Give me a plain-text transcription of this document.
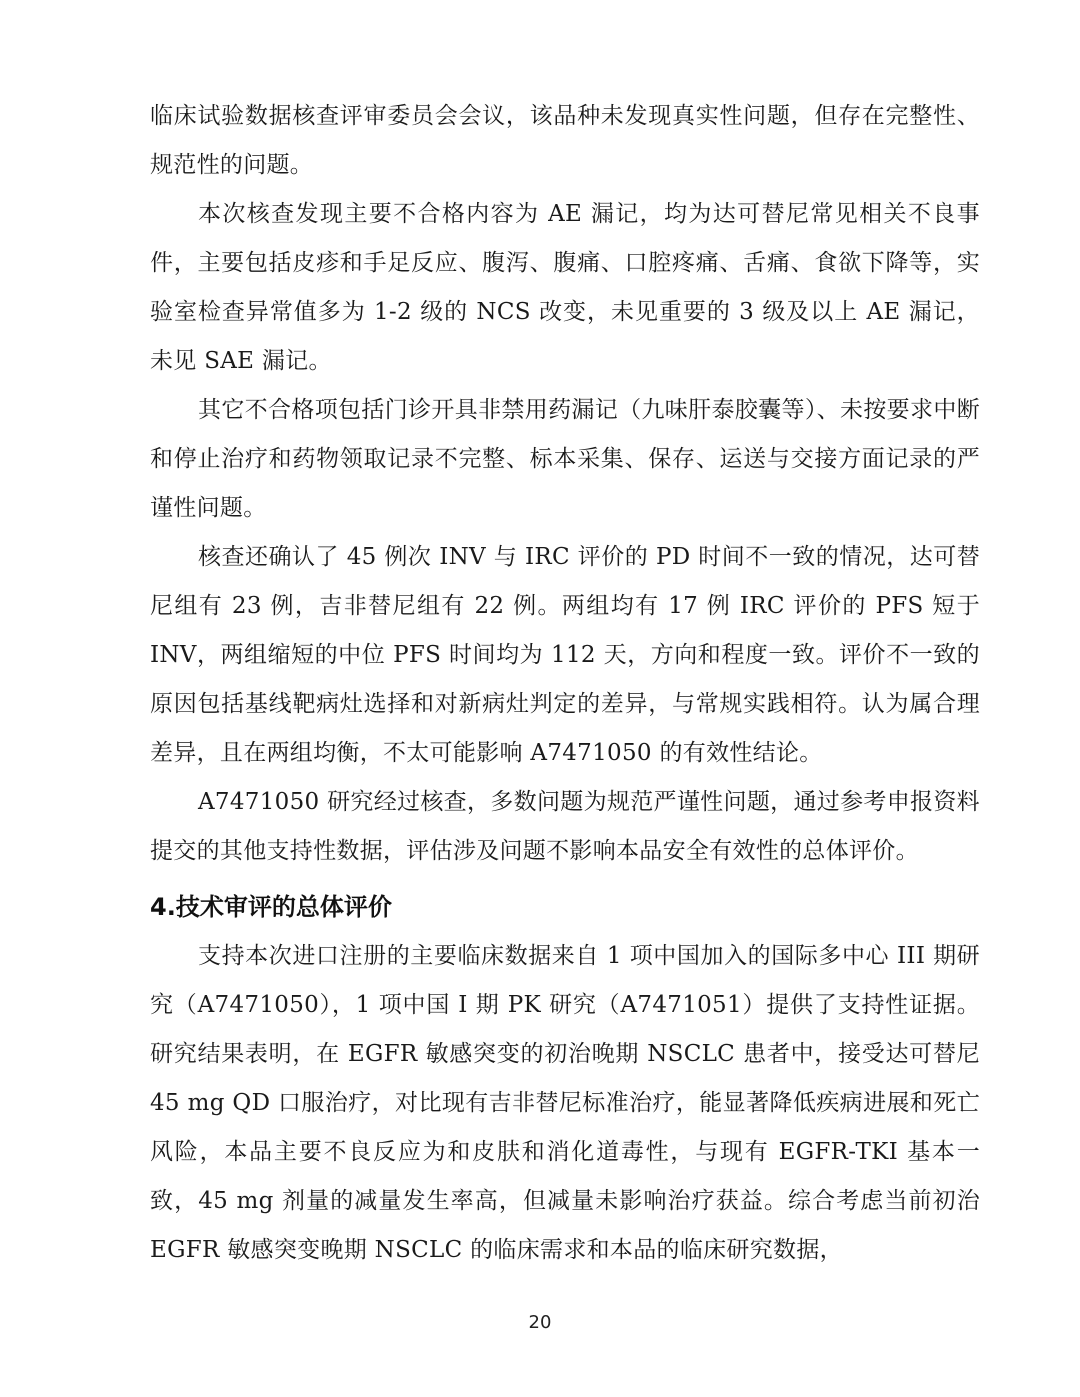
临床试验数据核查评审委员会会议，该品种未发现真实性问题，但存在完整性、规范性的问题。

本次核查发现主要不合格内容为 AE 漏记，均为达可替尼常见相关不良事件，主要包括皮疹和手足反应、腹泻、腹痛、口腔疼痛、舌痛、食欲下降等，实验室检查异常值多为 1-2 级的 NCS 改变，未见重要的 3 级及以上 AE 漏记，未见 SAE 漏记。

其它不合格项包括门诊开具非禁用药漏记（九味肝泰胶囊等）、未按要求中断和停止治疗和药物领取记录不完整、标本采集、保存、运送与交接方面记录的严谨性问题。

核查还确认了 45 例次 INV 与 IRC 评价的 PD 时间不一致的情况，达可替尼组有 23 例，吉非替尼组有 22 例。两组均有 17 例 IRC 评价的 PFS 短于 INV，两组缩短的中位 PFS 时间均为 112 天，方向和程度一致。评价不一致的原因包括基线靶病灶选择和对新病灶判定的差异，与常规实践相符。认为属合理差异，且在两组均衡，不太可能影响 A7471050 的有效性结论。

A7471050 研究经过核查，多数问题为规范严谨性问题，通过参考申报资料提交的其他支持性数据，评估涉及问题不影响本品安全有效性的总体评价。

4.技术审评的总体评价

支持本次进口注册的主要临床数据来自 1 项中国加入的国际多中心 III 期研究（A7471050），1 项中国 I 期 PK 研究（A7471051）提供了支持性证据。研究结果表明，在 EGFR 敏感突变的初治晚期 NSCLC 患者中，接受达可替尼 45 mg QD 口服治疗，对比现有吉非替尼标准治疗，能显著降低疾病进展和死亡风险，本品主要不良反应为和皮肤和消化道毒性，与现有 EGFR-TKI 基本一致，45 mg 剂量的减量发生率高，但减量未影响治疗获益。综合考虑当前初治 EGFR 敏感突变晚期 NSCLC 的临床需求和本品的临床研究数据，

20
